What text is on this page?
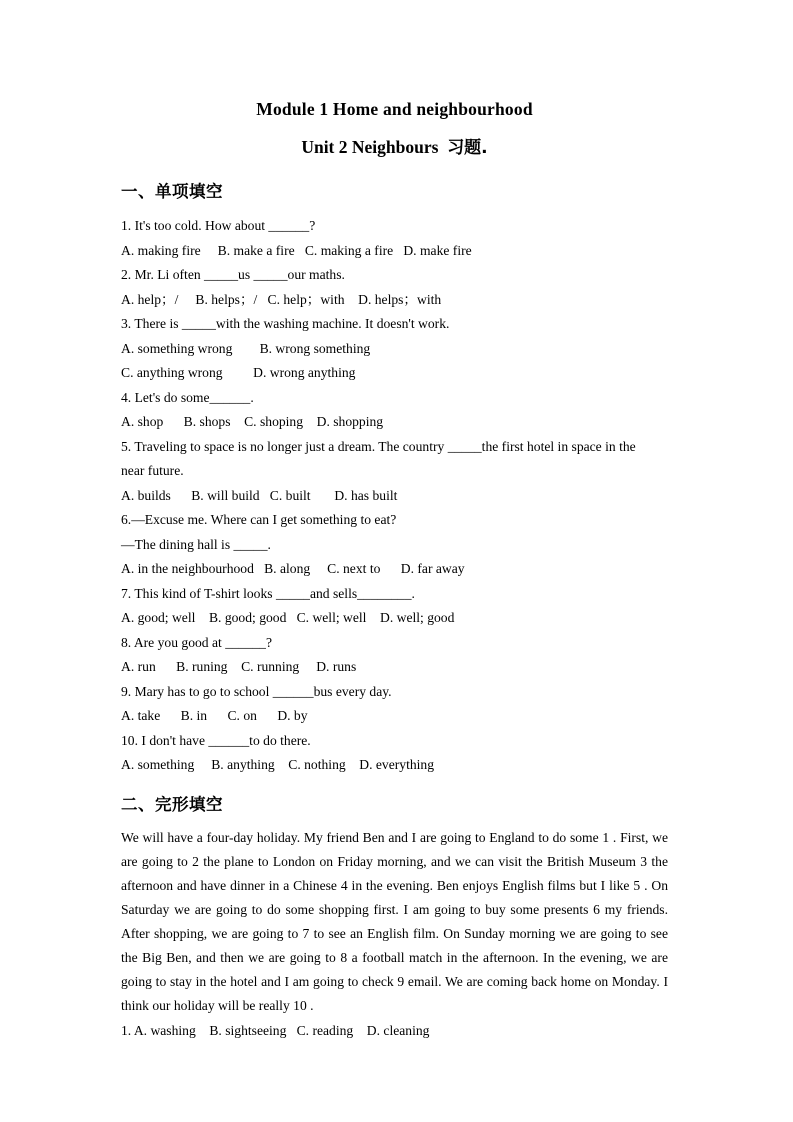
Module 1 Home and neighbourhood
Unit 2 Neighbours 习题.
一、单项填空
1. It's too cold. How about ______?
A. making fire     B. make a fire   C. making a fire   D. make fire
2. Mr. Li often _____us _____our maths.
A. help；/     B. helps；/   C. help；with    D. helps；with
3. There is _____with the washing machine. It doesn't work.
A. something wrong        B. wrong something
C. anything wrong         D. wrong anything
4. Let's do some______.
A. shop      B. shops    C. shoping    D. shopping
5. Traveling to space is no longer just a dream. The country _____the first hotel in space in the
near future.
A. builds      B. will build   C. built       D. has built
6.—Excuse me. Where can I get something to eat?
—The dining hall is _____.
A. in the neighbourhood   B. along     C. next to      D. far away
7. This kind of T-shirt looks _____and sells________.
A. good; well    B. good; good   C. well; well    D. well; good
8. Are you good at ______?
A. run      B. runing    C. running     D. runs
9. Mary has to go to school ______bus every day.
A. take      B. in      C. on      D. by
10. I don't have ______to do there.
A. something     B. anything    C. nothing    D. everything
二、完形填空
We will have a four-day holiday. My friend Ben and I are going to England to do some 1 . First, we are going to 2 the plane to London on Friday morning, and we can visit the British Museum 3 the afternoon and have dinner in a Chinese 4 in the evening. Ben enjoys English films but I like 5 . On Saturday we are going to do some shopping first. I am going to buy some presents 6 my friends. After shopping, we are going to 7 to see an English film. On Sunday morning we are going to see the Big Ben, and then we are going to 8 a football match in the afternoon. In the evening, we are going to stay in the hotel and I am going to check 9 email. We are coming back home on Monday. I think our holiday will be really 10 .
1. A. washing    B. sightseeing   C. reading    D. cleaning
